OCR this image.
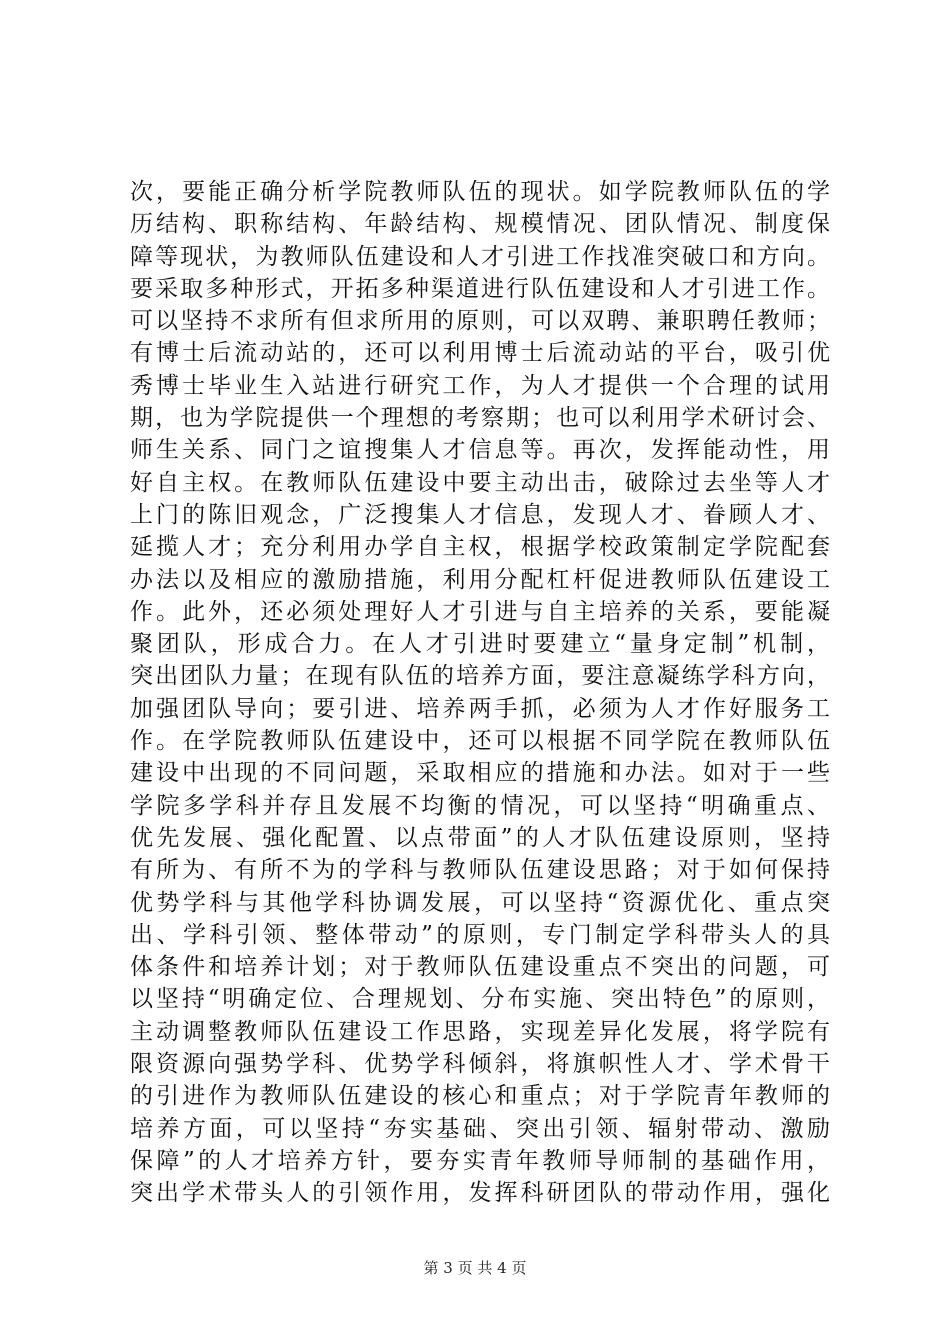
次，要能正确分析学院教师队伍的现状。如学院教师队伍的学
历结构、职称结构、年龄结构、规模情况、团队情况、制度保
障等现状，为教师队伍建设和人才引进工作找准突破口和方向。
要采取多种形式，开拓多种渠道进行队伍建设和人才引进工作。
可以坚持不求所有但求所用的原则，可以双聘、兼职聘任教师；
有博士后流动站的，还可以利用博士后流动站的平台，吸引优
秀博士毕业生入站进行研究工作，为人才提供一个合理的试用
期，也为学院提供一个理想的考察期；也可以利用学术研讨会、
师生关系、同门之谊搜集人才信息等。再次，发挥能动性，用
好自主权。在教师队伍建设中要主动出击，破除过去坐等人才
上门的陈旧观念，广泛搜集人才信息，发现人才、眷顾人才、
延揽人才；充分利用办学自主权，根据学校政策制定学院配套
办法以及相应的激励措施，利用分配杠杆促进教师队伍建设工
作。此外，还必须处理好人才引进与自主培养的关系，要能凝
聚团队，形成合力。在人才引进时要建立“量身定制”机制，
突出团队力量；在现有队伍的培养方面，要注意凝练学科方向，
加强团队导向；要引进、培养两手抓，必须为人才作好服务工
作。在学院教师队伍建设中，还可以根据不同学院在教师队伍
建设中出现的不同问题，采取相应的措施和办法。如对于一些
学院多学科并存且发展不均衡的情况，可以坚持“明确重点、
优先发展、强化配置、以点带面”的人才队伍建设原则，坚持
有所为、有所不为的学科与教师队伍建设思路；对于如何保持
优势学科与其他学科协调发展，可以坚持“资源优化、重点突
出、学科引领、整体带动”的原则，专门制定学科带头人的具
体条件和培养计划；对于教师队伍建设重点不突出的问题，可
以坚持“明确定位、合理规划、分布实施、突出特色”的原则，
主动调整教师队伍建设工作思路，实现差异化发展，将学院有
限资源向强势学科、优势学科倾斜，将旗帜性人才、学术骨干
的引进作为教师队伍建设的核心和重点；对于学院青年教师的
培养方面，可以坚持“夯实基础、突出引领、辐射带动、激励
保障”的人才培养方针，要夯实青年教师导师制的基础作用，
突出学术带头人的引领作用，发挥科研团队的带动作用，强化
第 3 页 共 4 页
